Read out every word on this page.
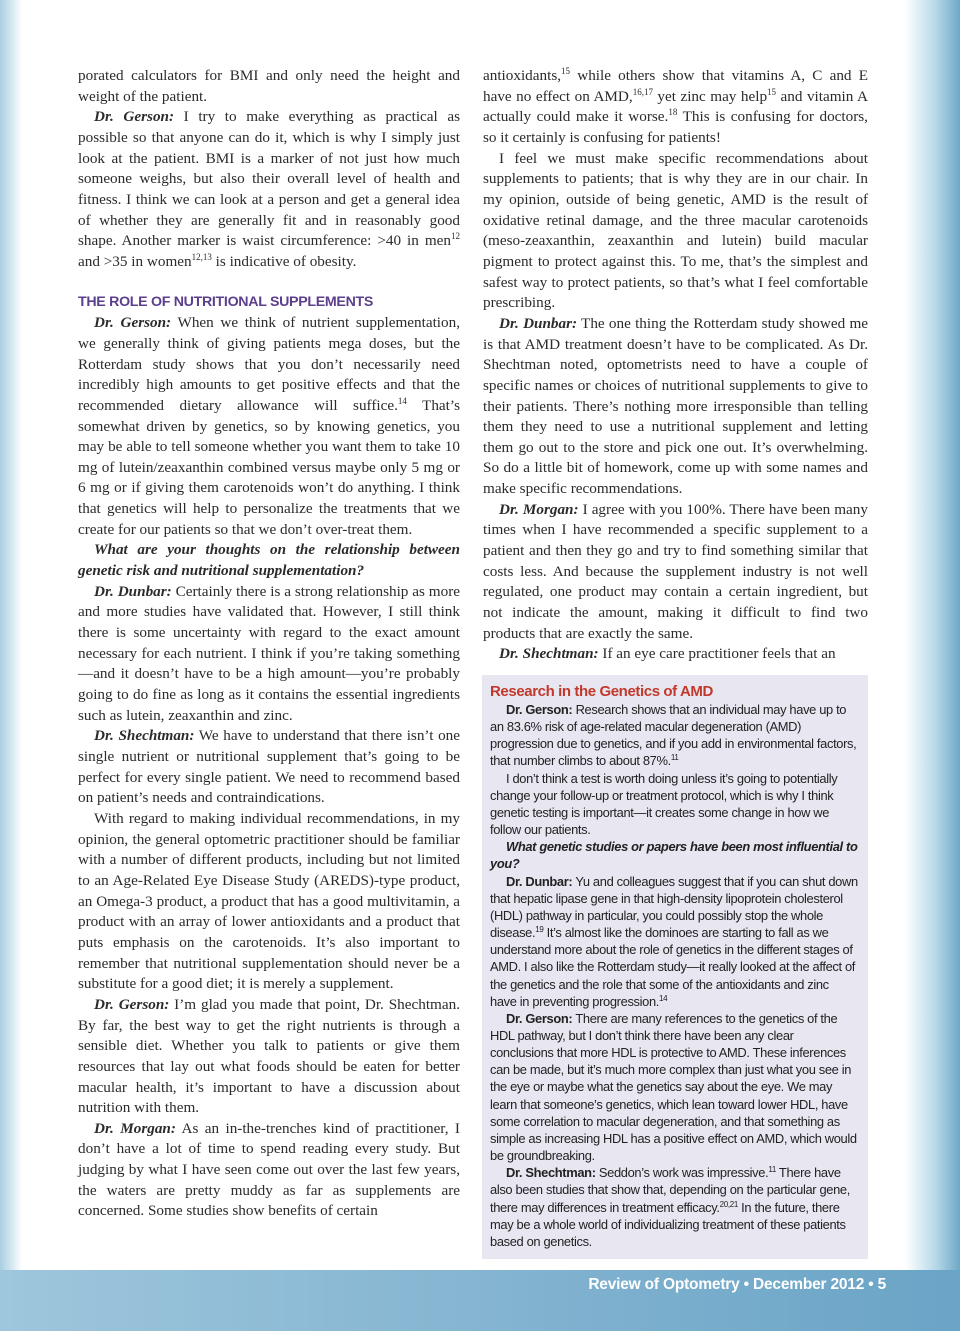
porated calculators for BMI and only need the height and weight of the patient.

Dr. Gerson: I try to make everything as practical as possible so that anyone can do it, which is why I simply just look at the patient. BMI is a marker of not just how much someone weighs, but also their overall level of health and fitness. I think we can look at a person and get a general idea of whether they are generally fit and in reasonably good shape. Another marker is waist circumference: >40 in men$^{12}$ and >35 in women$^{12,13}$ is indicative of obesity.

THE ROLE OF NUTRITIONAL SUPPLEMENTS

Dr. Gerson: When we think of nutrient supplementation, we generally think of giving patients mega doses, but the Rotterdam study shows that you don’t necessarily need incredibly high amounts to get positive effects and that the recommended dietary allowance will suffice.$^{14}$ That’s somewhat driven by genetics, so by knowing genetics, you may be able to tell someone whether you want them to take 10 mg of lutein/zeaxanthin combined versus maybe only 5 mg or 6 mg or if giving them carotenoids won’t do anything. I think that genetics will help to personalize the treatments that we create for our patients so that we don’t over-treat them.

What are your thoughts on the relationship between genetic risk and nutritional supplementation?

Dr. Dunbar: Certainly there is a strong relationship as more and more studies have validated that. However, I still think there is some uncertainty with regard to the exact amount necessary for each nutrient. I think if you’re taking something—and it doesn’t have to be a high amount—you’re probably going to do fine as long as it contains the essential ingredients such as lutein, zeaxanthin and zinc.

Dr. Shechtman: We have to understand that there isn’t one single nutrient or nutritional supplement that’s going to be perfect for every single patient. We need to recommend based on patient’s needs and contraindications.

With regard to making individual recommendations, in my opinion, the general optometric practitioner should be familiar with a number of different products, including but not limited to an Age-Related Eye Disease Study (AREDS)-type product, an Omega-3 product, a product that has a good multivitamin, a product with an array of lower antioxidants and a product that puts emphasis on the carotenoids. It’s also important to remember that nutritional supplementation should never be a substitute for a good diet; it is merely a supplement.

Dr. Gerson: I’m glad you made that point, Dr. Shechtman. By far, the best way to get the right nutrients is through a sensible diet. Whether you talk to patients or give them resources that lay out what foods should be eaten for better macular health, it’s important to have a discussion about nutrition with them.

Dr. Morgan: As an in-the-trenches kind of practitioner, I don’t have a lot of time to spend reading every study. But judging by what I have seen come out over the last few years, the waters are pretty muddy as far as supplements are concerned. Some studies show benefits of certain

antioxidants,$^{15}$ while others show that vitamins A, C and E have no effect on AMD,$^{16,17}$ yet zinc may help$^{15}$ and vitamin A actually could make it worse.$^{18}$ This is confusing for doctors, so it certainly is confusing for patients!

I feel we must make specific recommendations about supplements to patients; that is why they are in our chair. In my opinion, outside of being genetic, AMD is the result of oxidative retinal damage, and the three macular carotenoids (meso-zeaxanthin, zeaxanthin and lutein) build macular pigment to protect against this. To me, that’s the simplest and safest way to protect patients, so that’s what I feel comfortable prescribing.

Dr. Dunbar: The one thing the Rotterdam study showed me is that AMD treatment doesn’t have to be complicated. As Dr. Shechtman noted, optometrists need to have a couple of specific names or choices of nutritional supplements to give to their patients. There’s nothing more irresponsible than telling them they need to use a nutritional supplement and letting them go out to the store and pick one out. It’s overwhelming. So do a little bit of homework, come up with some names and make specific recommendations.

Dr. Morgan: I agree with you 100%. There have been many times when I have recommended a specific supplement to a patient and then they go and try to find something similar that costs less. And because the supplement industry is not well regulated, one product may contain a certain ingredient, but not indicate the amount, making it difficult to find two products that are exactly the same.

Dr. Shechtman: If an eye care practitioner feels that an

Research in the Genetics of AMD

Dr. Gerson: Research shows that an individual may have up to an 83.6% risk of age-related macular degeneration (AMD) progression due to genetics, and if you add in environmental factors, that number climbs to about 87%.$^{11}$

I don’t think a test is worth doing unless it’s going to potentially change your follow-up or treatment protocol, which is why I think genetic testing is important—it creates some change in how we follow our patients.

What genetic studies or papers have been most influential to you?

Dr. Dunbar: Yu and colleagues suggest that if you can shut down that hepatic lipase gene in that high-density lipoprotein cholesterol (HDL) pathway in particular, you could possibly stop the whole disease.$^{19}$ It’s almost like the dominoes are starting to fall as we understand more about the role of genetics in the different stages of AMD. I also like the Rotterdam study—it really looked at the affect of the genetics and the role that some of the antioxidants and zinc have in preventing progression.$^{14}$

Dr. Gerson: There are many references to the genetics of the HDL pathway, but I don’t think there have been any clear conclusions that more HDL is protective to AMD. These inferences can be made, but it’s much more complex than just what you see in the eye or maybe what the genetics say about the eye. We may learn that someone’s genetics, which lean toward lower HDL, have some correlation to macular degeneration, and that something as simple as increasing HDL has a positive effect on AMD, which would be groundbreaking.

Dr. Shechtman: Seddon’s work was impressive.$^{11}$ There have also been studies that show that, depending on the particular gene, there may differences in treatment efficacy.$^{20,21}$ In the future, there may be a whole world of individualizing treatment of these patients based on genetics.

Review of Optometry • December 2012 • 5
